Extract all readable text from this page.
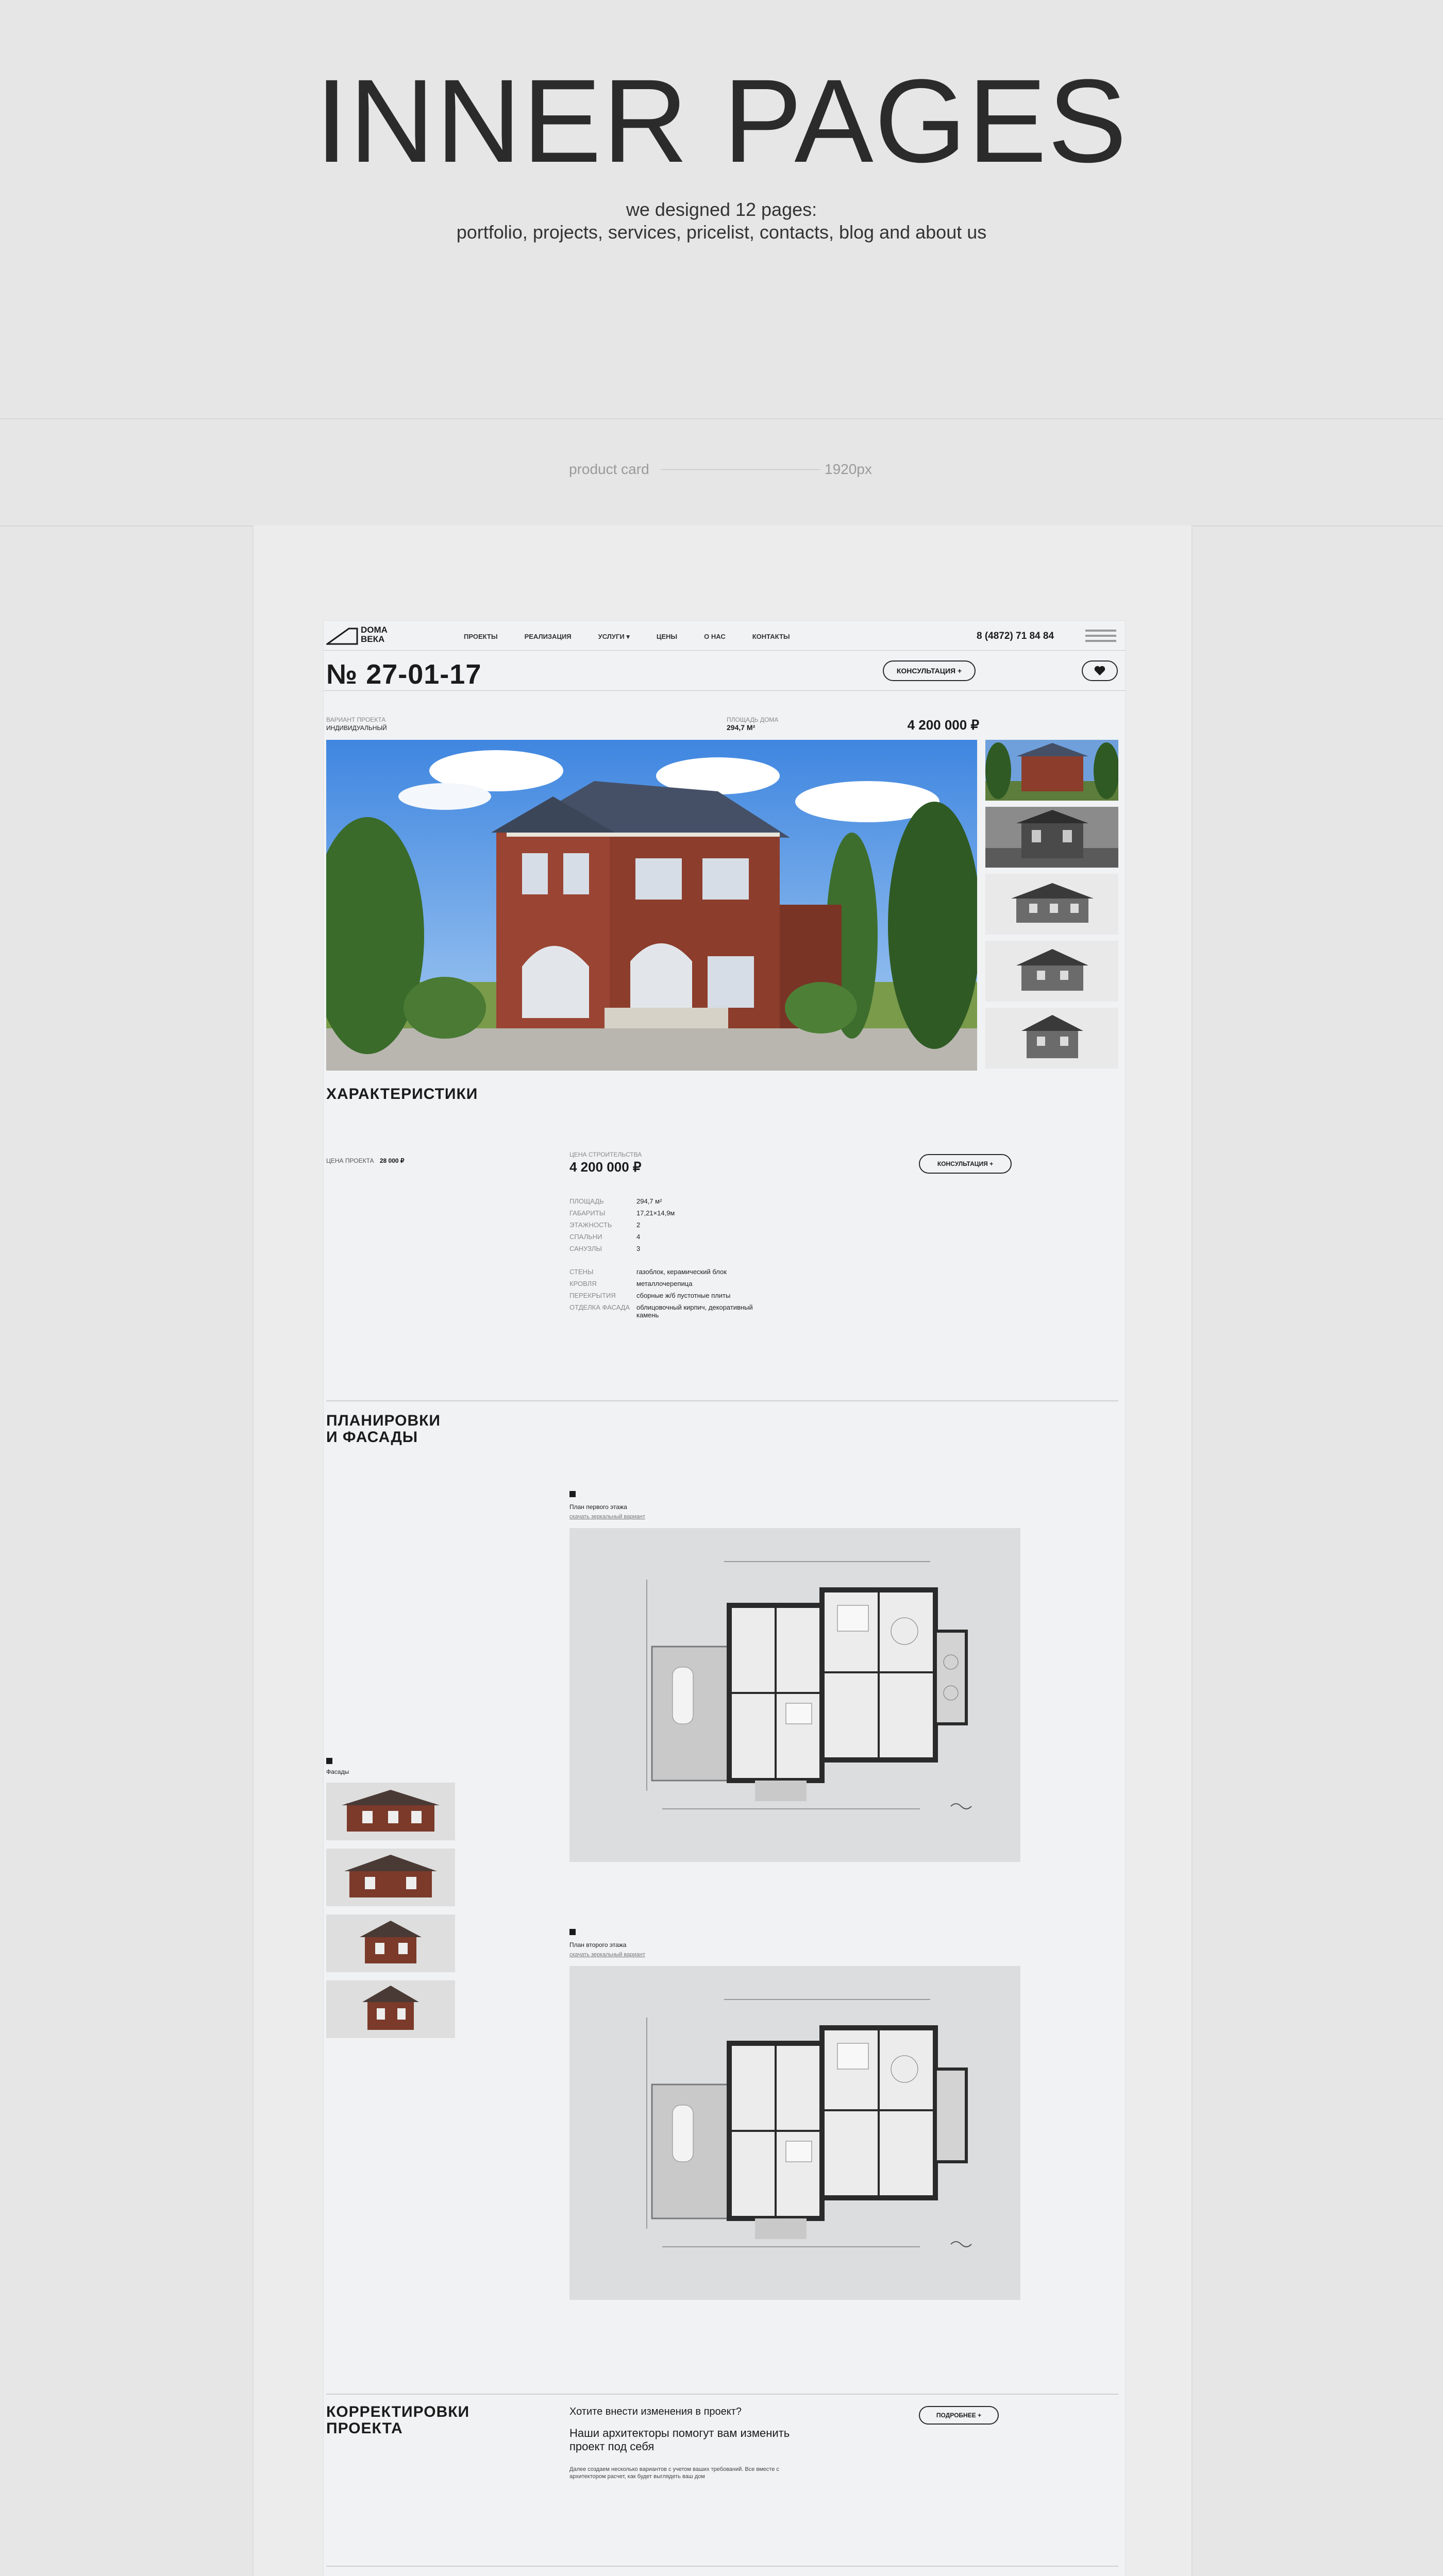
INNER PAGES
we designed 12 pages:
portfolio, projects, services, pricelist, contacts, blog and about us
product card	1920px
DOMA ВЕКА	ПРОЕКТЫ	РЕАЛИЗАЦИЯ	УСЛУГИ ▾	ЦЕНЫ	О НАС	КОНТАКТЫ	8 (4872) 71 84 84
№ 27-01-17	КОНСУЛЬТАЦИЯ +
ВАРИАНТ ПРОЕКТА
ИНДИВИДУАЛЬНЫЙ
ПЛОЩАДЬ ДОМА
294,7 М²	4 200 000 ₽
ХАРАКТЕРИСТИКИ
ЦЕНА ПРОЕКТА 28 000 ₽
ЦЕНА СТРОИТЕЛЬСТВА
4 200 000 ₽	КОНСУЛЬТАЦИЯ +
ПЛОЩАДЬ	294,7 м²
ГАБАРИТЫ	17,21×14,9м
ЭТАЖНОСТЬ	2
СПАЛЬНИ	4
САНУЗЛЫ	3
СТЕНЫ	газоблок, керамический блок
КРОВЛЯ	металлочерепица
ПЕРЕКРЫТИЯ	сборные ж/б пустотные плиты
ОТДЕЛКА ФАСАДА облицовочный кирпич, декоративный камень
ПЛАНИРОВКИ
И ФАСАДЫ
План первого этажа
скачать зеркальный вариант
Фасады
План второго этажа
скачать зеркальный вариант
КОРРЕКТИРОВКИ
ПРОЕКТА
Хотите внести изменения в проект?
Наши архитекторы помогут вам изменить проект под себя
Далее создаем несколько вариантов с учетом ваших требований. Все вместе с архитектором расчет, как будет выглядеть ваш дом
ПОДРОБНЕЕ +
